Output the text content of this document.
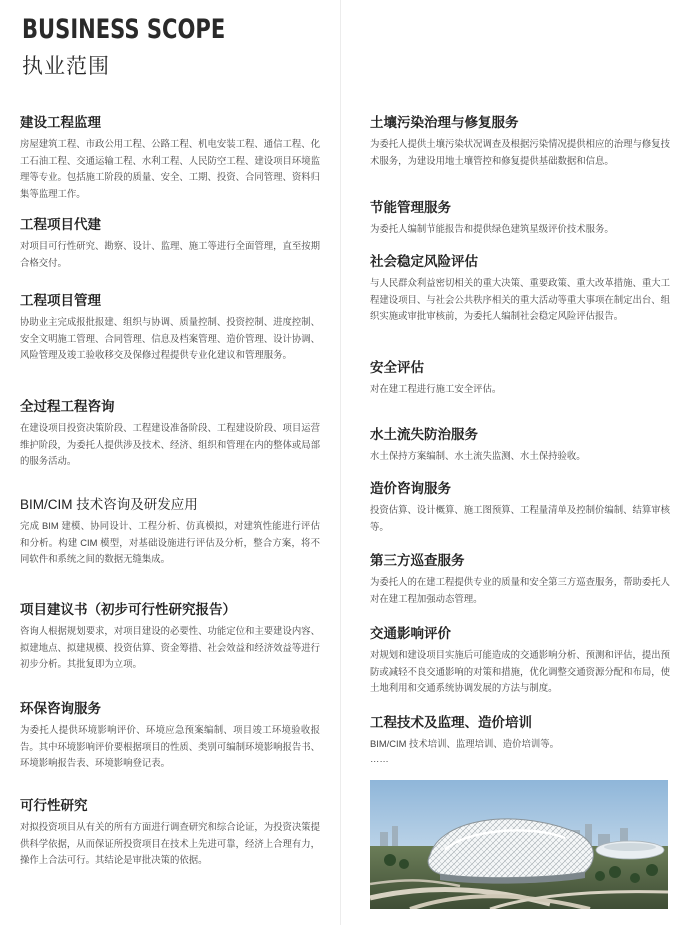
BUSINESS SCOPE
执业范围
建设工程监理

房屋建筑工程、市政公用工程、公路工程、机电安装工程、通信工程、化工石油工程、交通运输工程、水利工程、人民防空工程、建设项目环境监理等专业。包括施工阶段的质量、安全、工期、投资、合同管理、资料归集等监理工作。

工程项目代建

对项目可行性研究、勘察、设计、监理、施工等进行全面管理，直至按期合格交付。

工程项目管理

协助业主完成报批报建、组织与协调、质量控制、投资控制、进度控制、安全文明施工管理、合同管理、信息及档案管理、造价管理、设计协调、风险管理及竣工验收移交及保修过程提供专业化建议和管理服务。

全过程工程咨询

在建设项目投资决策阶段、工程建设准备阶段、工程建设阶段、项目运营维护阶段，为委托人提供涉及技术、经济、组织和管理在内的整体或局部的服务活动。

BIM/CIM 技术咨询及研发应用

完成 BIM 建模、协同设计、工程分析、仿真模拟，对建筑性能进行评估和分析。构建 CIM 模型，对基础设施进行评估及分析，整合方案，将不同软件和系统之间的数据无缝集成。

项目建议书（初步可行性研究报告）

咨询人根据规划要求，对项目建设的必要性、功能定位和主要建设内容、拟建地点、拟建规模、投资估算、资金筹措、社会效益和经济效益等进行初步分析。其批复即为立项。

环保咨询服务

为委托人提供环境影响评价、环境应急预案编制、项目竣工环境验收报告。其中环境影响评价要根据项目的性质、类别可编制环境影响报告书、环境影响报告表、环境影响登记表。

可行性研究

对拟投资项目从有关的所有方面进行调查研究和综合论证，为投资决策提供科学依据，从而保证所投资项目在技术上先进可靠，经济上合理有力，操作上合法可行。其结论是审批决策的依据。

土壤污染治理与修复服务

为委托人提供土壤污染状况调查及根据污染情况提供相应的治理与修复技术服务，为建设用地土壤管控和修复提供基础数据和信息。

节能管理服务

为委托人编制节能报告和提供绿色建筑星级评价技术服务。

社会稳定风险评估

与人民群众利益密切相关的重大决策、重要政策、重大改革措施、重大工程建设项目、与社会公共秩序相关的重大活动等重大事项在制定出台、组织实施或审批审核前，为委托人编制社会稳定风险评估报告。

安全评估

对在建工程进行施工安全评估。

水土流失防治服务

水土保持方案编制、水土流失监测、水土保持验收。

造价咨询服务

投资估算、设计概算、施工图预算、工程量清单及控制价编制、结算审核等。

第三方巡查服务

为委托人的在建工程提供专业的质量和安全第三方巡查服务，帮助委托人对在建工程加强动态管理。

交通影响评价

对规划和建设项目实施后可能造成的交通影响分析、预测和评估，提出预防或减轻不良交通影响的对策和措施，优化调整交通资源分配和布局，使土地利用和交通系统协调发展的方法与制度。

工程技术及监理、造价培训

BIM/CIM 技术培训、监理培训、造价培训等。

……
